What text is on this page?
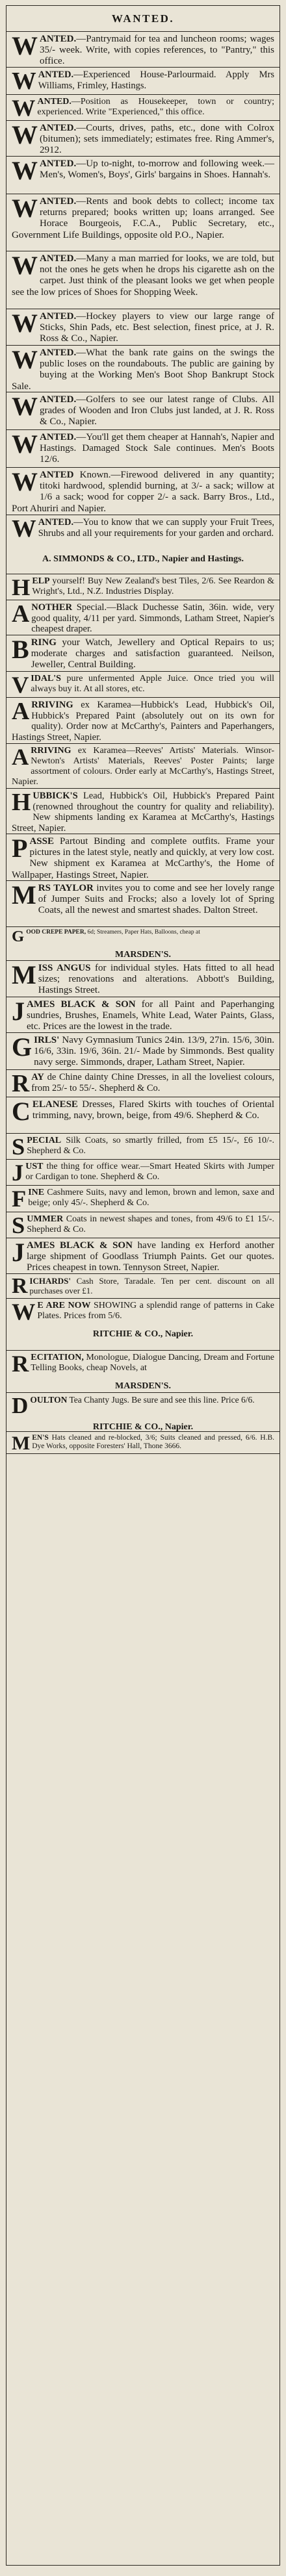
WANTED.

WANTED.—Pantrymaid for tea and luncheon rooms; wages 35/- week. Write, with copies references, to "Pantry," this office.

WANTED.—Experienced House-Parlourmaid. Apply Mrs Williams, Frimley, Hastings.

WANTED.—Position as Housekeeper, town or country; experienced. Write "Experienced," this office.

WANTED.—Courts, drives, paths, etc., done with Colrox (bitumen); sets immediately; estimates free. Ring Ammer's, 2912.

WANTED.—Up to-night, to-morrow and following week.—Men's, Women's, Boys', Girls' bargains in Shoes. Hannah's.

WANTED.—Rents and book debts to collect; income tax returns prepared; books written up; loans arranged. See Horace Bourgeois, F.C.A., Public Secretary, etc., Government Life Buildings, opposite old P.O., Napier.

WANTED.—Many a man married for looks, we are told, but not the ones he gets when he drops his cigarette ash on the carpet. Just think of the pleasant looks we get when people see the low prices of Shoes for Shopping Week.

WANTED.—Hockey players to view our large range of Sticks, Shin Pads, etc. Best selection, finest price, at J. R. Ross & Co., Napier.

WANTED.—What the bank rate gains on the swings the public loses on the roundabouts. The public are gaining by buying at the Working Men's Boot Shop Bankrupt Stock Sale.

WANTED.—Golfers to see our latest range of Clubs. All grades of Wooden and Iron Clubs just landed, at J. R. Ross & Co., Napier.

WANTED.—You'll get them cheaper at Hannah's, Napier and Hastings. Damaged Stock Sale continues. Men's Boots 12/6.

WANTED Known.—Firewood delivered in any quantity; titoki hardwood, splendid burning, at 3/- a sack; willow at 1/6 a sack; wood for copper 2/- a sack. Barry Bros., Ltd., Port Ahuriri and Napier.

WANTED.—You to know that we can supply your Fruit Trees, Shrubs and all your requirements for your garden and orchard.

A. SIMMONDS & CO., LTD., Napier and Hastings.

HELP yourself! Buy New Zealand's best Tiles, 2/6. See Reardon & Wright's, Ltd., N.Z. Industries Display.

ANOTHER Special.—Black Duchesse Satin, 36in. wide, very good quality, 4/11 per yard. Simmonds, Latham Street, Napier's cheapest draper.

BRING your Watch, Jewellery and Optical Repairs to us; moderate charges and satisfaction guaranteed. Neilson, Jeweller, Central Building.

VIDAL'S pure unfermented Apple Juice. Once tried you will always buy it. At all stores, etc.

ARRIVING ex Karamea—Hubbick's Lead, Hubbick's Oil, Hubbick's Prepared Paint (absolutely out on its own for quality). Order now at McCarthy's, Painters and Paperhangers, Hastings Street, Napier.

ARRIVING ex Karamea—Reeves' Artists' Materials. Winsor-Newton's Artists' Materials, Reeves' Poster Paints; large assortment of colours. Order early at McCarthy's, Hastings Street, Napier.

HUBBICK'S Lead, Hubbick's Oil, Hubbick's Prepared Paint (renowned throughout the country for quality and reliability). New shipments landing ex Karamea at McCarthy's, Hastings Street, Napier.

PASSE Partout Binding and complete outfits. Frame your pictures in the latest style, neatly and quickly, at very low cost. New shipment ex Karamea at McCarthy's, the Home of Wallpaper, Hastings Street, Napier.

MRS TAYLOR invites you to come and see her lovely range of Jumper Suits and Frocks; also a lovely lot of Spring Coats, all the newest and smartest shades. Dalton Street.

GOOD CREPE PAPER, 6d; Streamers, Paper Hats, Balloons, cheap at

MARSDEN'S.

MISS ANGUS for individual styles. Hats fitted to all head sizes; renovations and alterations. Abbott's Building, Hastings Street.

JAMES BLACK & SON for all Paint and Paperhanging sundries, Brushes, Enamels, White Lead, Water Paints, Glass, etc. Prices are the lowest in the trade.

GIRLS' Navy Gymnasium Tunics 24in. 13/9, 27in. 15/6, 30in. 16/6, 33in. 19/6, 36in. 21/- Made by Simmonds. Best quality navy serge. Simmonds, draper, Latham Street, Napier.

RAY de Chine dainty Chine Dresses, in all the loveliest colours, from 25/- to 55/-. Shepherd & Co.

CELANESE Dresses, Flared Skirts with touches of Oriental trimming, navy, brown, beige, from 49/6. Shepherd & Co.

SPECIAL Silk Coats, so smartly frilled, from £5 15/-, £6 10/-. Shepherd & Co.

JUST the thing for office wear.—Smart Heated Skirts with Jumper or Cardigan to tone. Shepherd & Co.

FINE Cashmere Suits, navy and lemon, brown and lemon, saxe and beige; only 45/-. Shepherd & Co.

SUMMER Coats in newest shapes and tones, from 49/6 to £1 15/-. Shepherd & Co.

JAMES BLACK & SON have landing ex Herford another large shipment of Goodlass Triumph Paints. Get our quotes. Prices cheapest in town. Tennyson Street, Napier.

RICHARDS' Cash Store, Taradale. Ten per cent. discount on all purchases over £1.

W E ARE NOW SHOWING a splendid range of patterns in Cake Plates. Prices from 5/6.

RITCHIE & CO., Napier.

RECITATION, Monologue, Dialogue Dancing, Dream and Fortune Telling Books, cheap Novels, at

MARSDEN'S.

DOULTON Tea Chanty Jugs. Be sure and see this line. Price 6/6.

RITCHIE & CO., Napier.

MEN'S Hats cleaned and re-blocked, 3/6; Suits cleaned and pressed, 6/6. H.B. Dye Works, opposite Foresters' Hall, Thone 3666.
